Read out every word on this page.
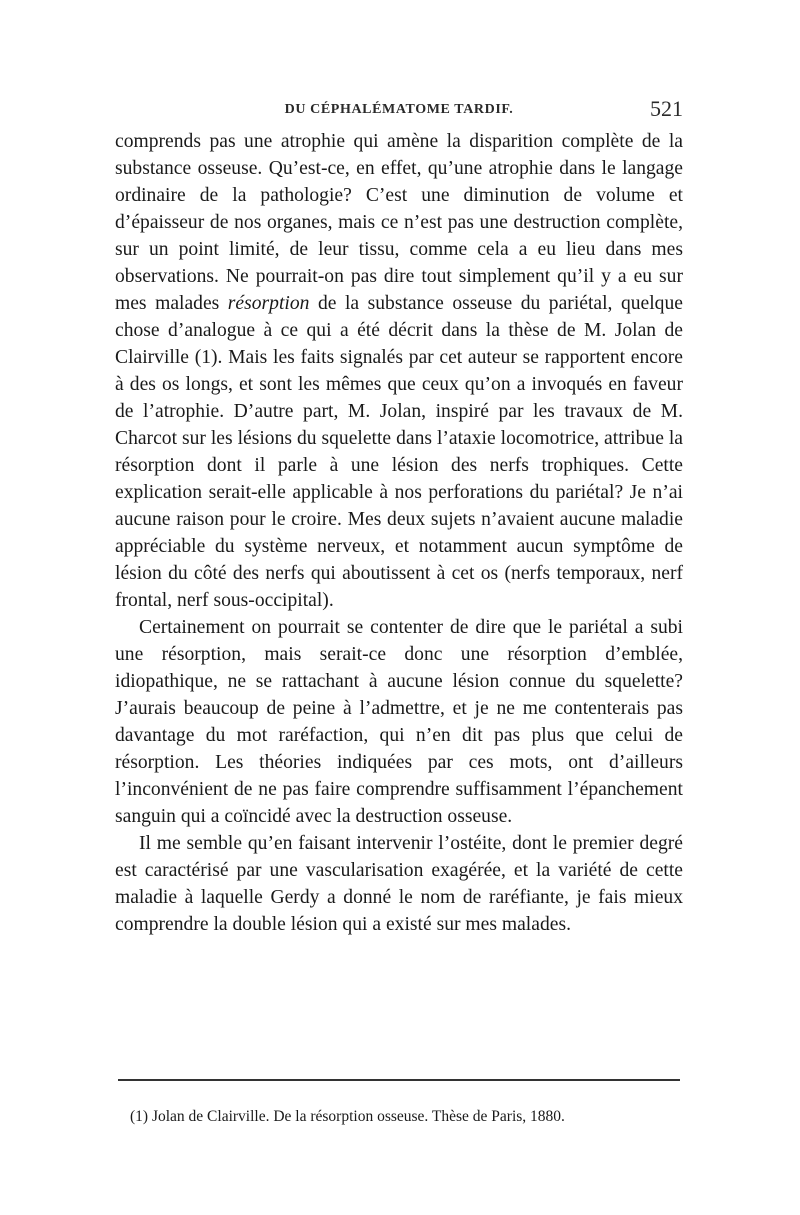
DU CÉPHALÉMATOME TARDIF.	521

comprends pas une atrophie qui amène la disparition complète de la substance osseuse. Qu’est-ce, en effet, qu’une atrophie dans le langage ordinaire de la pathologie? C’est une diminution de volume et d’épaisseur de nos organes, mais ce n’est pas une destruction complète, sur un point limité, de leur tissu, comme cela a eu lieu dans mes observations. Ne pourrait-on pas dire tout simplement qu’il y a eu sur mes malades résorption de la substance osseuse du pariétal, quelque chose d’analogue à ce qui a été décrit dans la thèse de M. Jolan de Clairville (1). Mais les faits signalés par cet auteur se rapportent encore à des os longs, et sont les mêmes que ceux qu’on a invoqués en faveur de l’atrophie. D’autre part, M. Jolan, inspiré par les travaux de M. Charcot sur les lésions du squelette dans l’ataxie locomotrice, attribue la résorption dont il parle à une lésion des nerfs trophiques. Cette explication serait-elle applicable à nos perforations du pariétal? Je n’ai aucune raison pour le croire. Mes deux sujets n’avaient aucune maladie appréciable du système nerveux, et notamment aucun symptôme de lésion du côté des nerfs qui aboutissent à cet os (nerfs temporaux, nerf frontal, nerf sous-occipital).

Certainement on pourrait se contenter de dire que le pariétal a subi une résorption, mais serait-ce donc une résorption d’emblée, idiopathique, ne se rattachant à aucune lésion connue du squelette? J’aurais beaucoup de peine à l’admettre, et je ne me contenterais pas davantage du mot raréfaction, qui n’en dit pas plus que celui de résorption. Les théories indiquées par ces mots, ont d’ailleurs l’inconvénient de ne pas faire comprendre suffisamment l’épanchement sanguin qui a coïncidé avec la destruction osseuse.

Il me semble qu’en faisant intervenir l’ostéite, dont le premier degré est caractérisé par une vascularisation exagérée, et la variété de cette maladie à laquelle Gerdy a donné le nom de raréfiante, je fais mieux comprendre la double lésion qui a existé sur mes malades.

(1) Jolan de Clairville. De la résorption osseuse. Thèse de Paris, 1880.
